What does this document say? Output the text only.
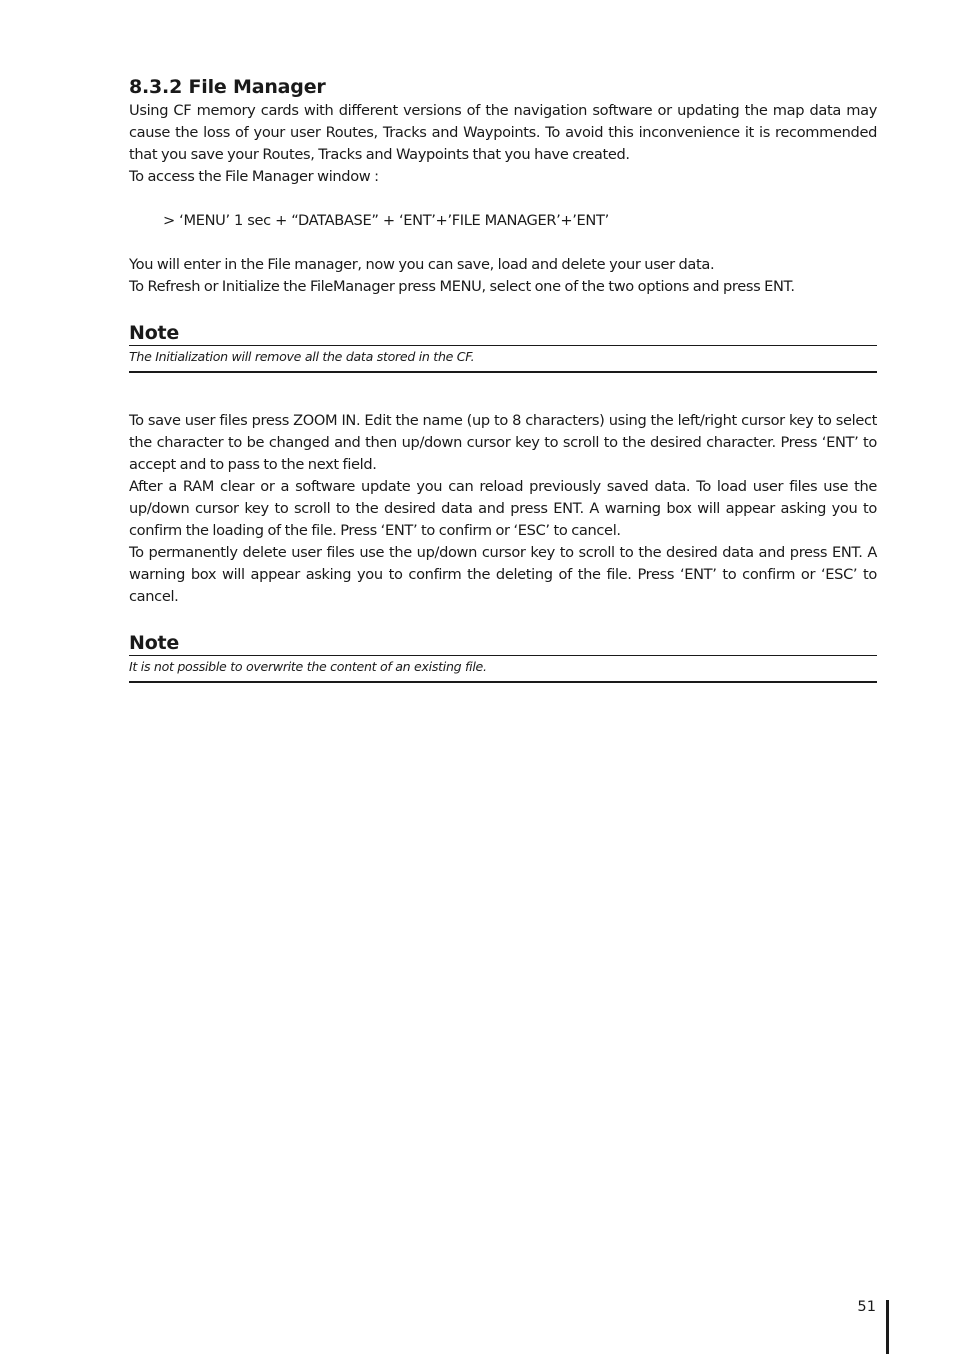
8.3.2 File Manager

Using CF memory cards with different versions of the navigation software or updating the map data may cause the loss of your user Routes, Tracks and Waypoints. To avoid this inconvenience it is recommended that you save your Routes, Tracks and Waypoints that you have created.

To access the File Manager window :

> ‘MENU’ 1 sec + “DATABASE” + ‘ENT’+’FILE MANAGER’+’ENT’

You will enter in the File manager, now you can save, load and delete your user data.

To Refresh or Initialize the FileManager press MENU, select one of the two options and press ENT.

Note

The Initialization will remove all the data stored in the CF.

To save user files press ZOOM IN. Edit the name (up to 8 characters) using the left/right cursor key to select the character to be changed and then up/down cursor key to scroll to the desired character. Press ‘ENT’ to accept and to pass to the next field.

After a RAM clear or a software update you can reload previously saved data. To load user files use the up/down cursor key to scroll to the desired data and press ENT. A warning box will appear asking you to confirm the loading of the file. Press ‘ENT’ to confirm or ‘ESC’ to cancel.

To permanently delete user files use the up/down cursor key to scroll to the desired data and press ENT. A warning box will appear asking you to confirm the deleting of the file. Press ‘ENT’ to confirm or ‘ESC’ to cancel.

Note

It is not possible to overwrite the content of an existing file.

51
